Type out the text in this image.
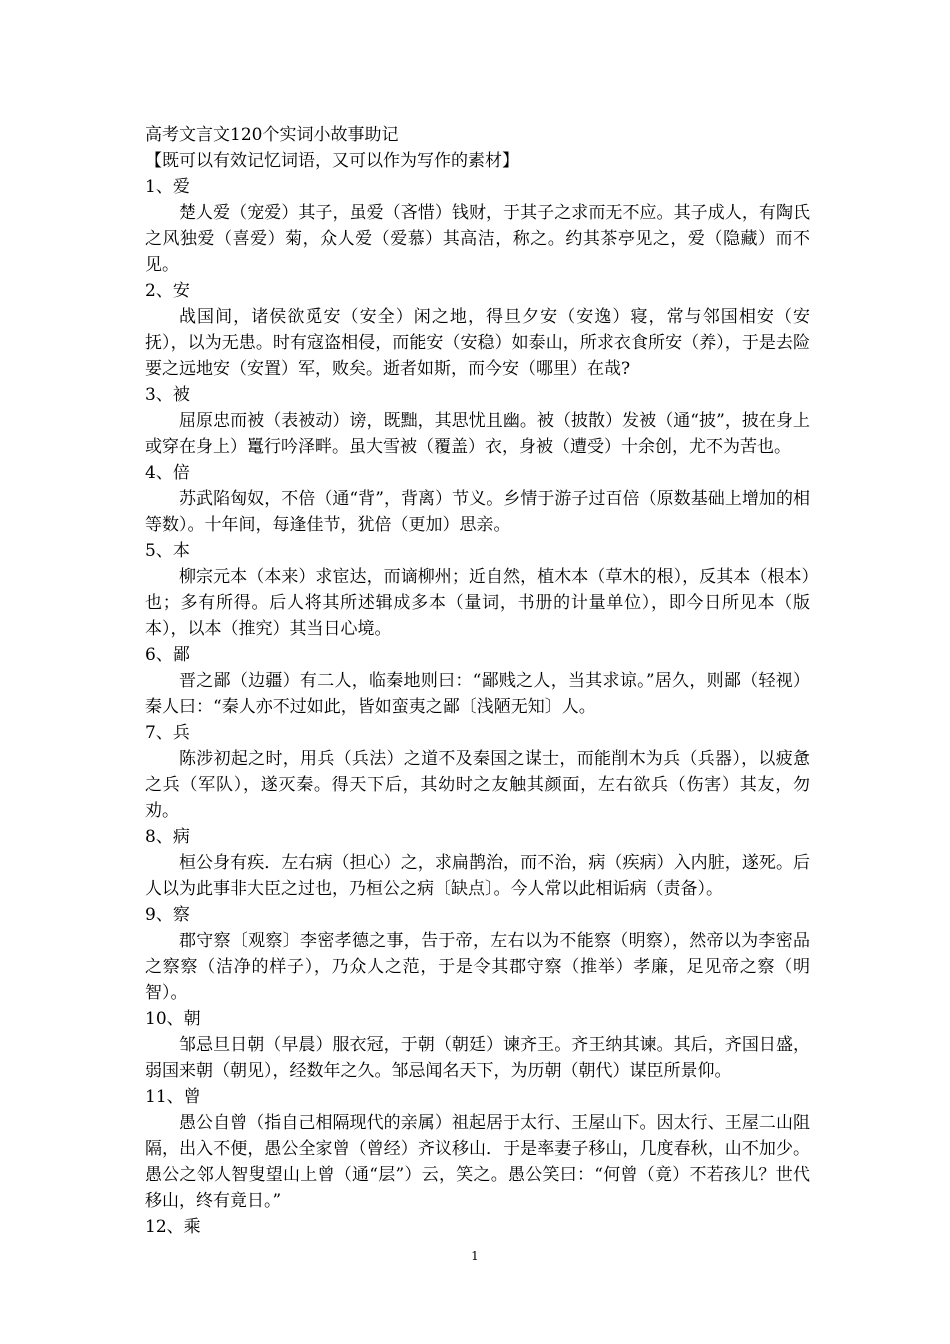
高考文言文120个实词小故事助记
【既可以有效记忆词语，又可以作为写作的素材】
1、爱
楚人爱（宠爱）其子，虽爱（吝惜）钱财，于其子之求而无不应。其子成人，有陶氏之风独爱（喜爱）菊，众人爱（爱慕）其高洁，称之。约其茶亭见之，爱（隐藏）而不见。
2、安
战国间，诸侯欲觅安（安全）闲之地，得旦夕安（安逸）寝，常与邻国相安（安抚），以为无患。时有寇盗相侵，而能安（安稳）如泰山，所求衣食所安（养），于是去险要之远地安（安置）军，败矣。逝者如斯，而今安（哪里）在哉?
3、被
屈原忠而被（表被动）谤，既黜，其思忧且幽。被（披散）发被（通“披”，披在身上或穿在身上）鼍行吟泽畔。虽大雪被（覆盖）衣，身被（遭受）十余创，尤不为苦也。
4、倍
苏武陷匈奴，不倍（通“背”，背离）节义。乡情于游子过百倍（原数基础上增加的相等数）。十年间，每逢佳节，犹倍（更加）思亲。
5、本
柳宗元本（本来）求宦达，而谪柳州；近自然，植木本（草木的根），反其本（根本）也；多有所得。后人将其所述辑成多本（量词，书册的计量单位），即今日所见本（版本），以本（推究）其当日心境。
6、鄙
晋之鄙（边疆）有二人，临秦地则曰：“鄙贱之人，当其求谅。”居久，则鄙（轻视）秦人曰：“秦人亦不过如此，皆如蛮夷之鄙〔浅陋无知〕人。
7、兵
陈涉初起之时，用兵（兵法）之道不及秦国之谋士，而能削木为兵（兵器），以疲惫之兵（军队），遂灭秦。得天下后，其幼时之友触其颜面，左右欲兵（伤害）其友，勿劝。
8、病
桓公身有疾．左右病（担心）之，求扁鹊治，而不治，病（疾病）入内脏，遂死。后人以为此事非大臣之过也，乃桓公之病〔缺点〕。今人常以此相诟病（责备）。
9、察
郡守察〔观察〕李密孝德之事，告于帝，左右以为不能察（明察），然帝以为李密品之察察（洁净的样子），乃众人之范，于是令其郡守察（推举）孝廉，足见帝之察（明智）。
10、朝
邹忌旦日朝（早晨）服衣冠，于朝（朝廷）谏齐王。齐王纳其谏。其后，齐国日盛，弱国来朝（朝见），经数年之久。邹忌闻名天下，为历朝（朝代）谋臣所景仰。
11、曾
愚公自曾（指自己相隔现代的亲属）祖起居于太行、王屋山下。因太行、王屋二山阻隔，出入不便，愚公全家曾（曾经）齐议移山．于是率妻子移山，几度春秋，山不加少。愚公之邻人智叟望山上曾（通“层”）云，笑之。愚公笑曰：“何曾（竟）不若孩儿？世代移山，终有竟日。”
12、乘
1
